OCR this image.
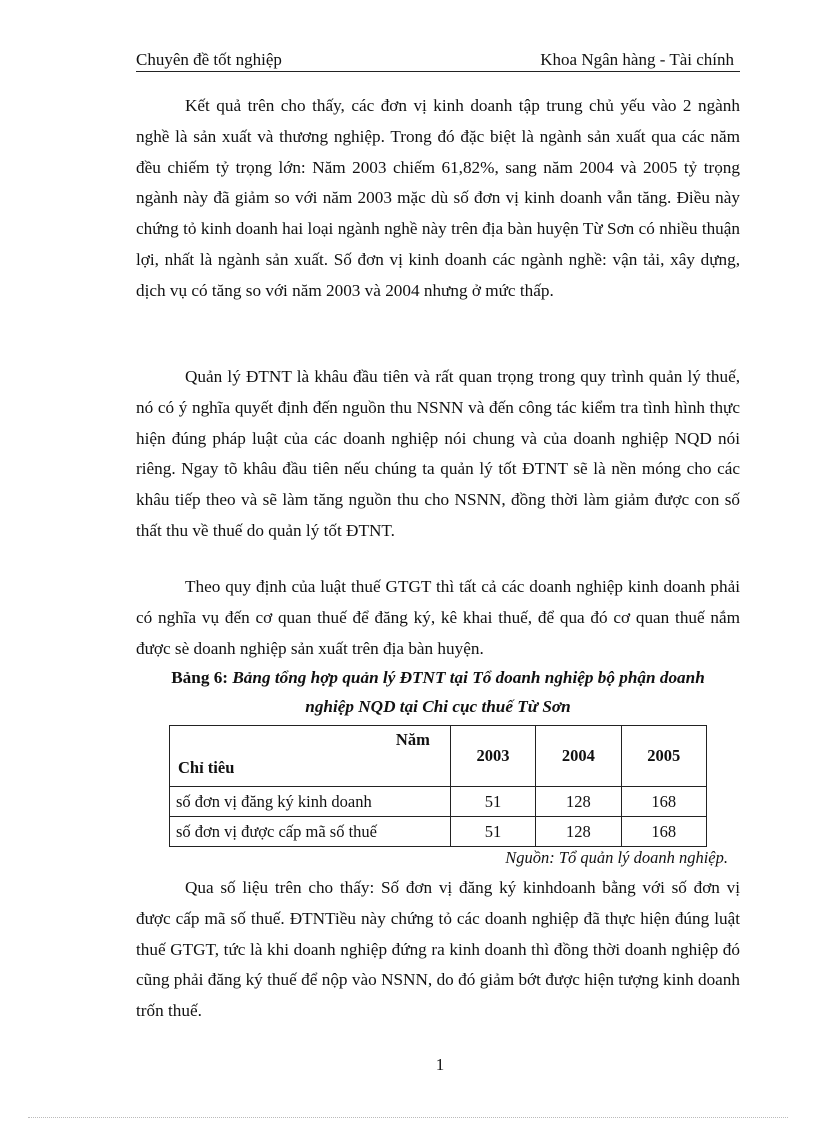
Chuyên đề tốt nghiệp	Khoa Ngân hàng - Tài chính

Kết quả trên cho thấy, các đơn vị kinh doanh tập trung chủ yếu vào 2 ngành nghề là sản xuất và thương nghiệp. Trong đó đặc biệt là ngành sản xuất qua các năm đều chiếm tỷ trọng lớn: Năm 2003 chiếm 61,82%, sang năm 2004 và 2005 tỷ trọng ngành này đã giảm so với năm 2003 mặc dù số đơn vị kinh doanh vẫn tăng. Điều này chứng tỏ kinh doanh hai loại ngành nghề này trên địa bàn huyện Từ Sơn có nhiều thuận lợi, nhất là ngành sản xuất. Số đơn vị kinh doanh các ngành nghề: vận tải, xây dựng, dịch vụ có tăng so với năm 2003 và 2004 nhưng ở mức thấp.

Quản lý ĐTNT là khâu đầu tiên và rất quan trọng trong quy trình quản lý thuế, nó có ý nghĩa quyết định đến nguồn thu NSNN và đến công tác kiểm tra tình hình thực hiện đúng pháp luật của các doanh nghiệp nói chung và của doanh nghiệp NQD nói riêng. Ngay tõ khâu đầu tiên nếu chúng ta quản lý tốt ĐTNT sẽ là nền móng cho các khâu tiếp theo và sẽ làm tăng nguồn thu cho NSNN, đồng thời làm giảm được con số thất thu về thuế do quản lý tốt ĐTNT.

Theo quy định của luật thuế GTGT thì tất cả các doanh nghiệp kinh doanh phải có nghĩa vụ đến cơ quan thuế để đăng ký, kê khai thuế, để qua đó cơ quan thuế nắm được sè doanh nghiệp sản xuất trên địa bàn huyện.

Bảng 6: Bảng tổng hợp quản lý ĐTNT tại Tổ doanh nghiệp bộ phận doanh
nghiệp NQD tại Chi cục thuế Từ Sơn
Năm
Chỉ tiêu	2003	2004	2005
số đơn vị đăng ký kinh doanh	51	128	168
số đơn vị được cấp mã số thuế	51	128	168
Nguồn: Tổ quản lý doanh nghiệp.

Qua số liệu trên cho thấy: Số đơn vị đăng ký kinhdoanh bằng với số đơn vị được cấp mã số thuế. ĐTNTiều này chứng tỏ các doanh nghiệp đã thực hiện đúng luật thuế GTGT, tức là khi doanh nghiệp đứng ra kinh doanh thì đồng thời doanh nghiệp đó cũng phải đăng ký thuế để nộp vào NSNN, do đó giảm bớt được hiện tượng kinh doanh trốn thuế.

1
